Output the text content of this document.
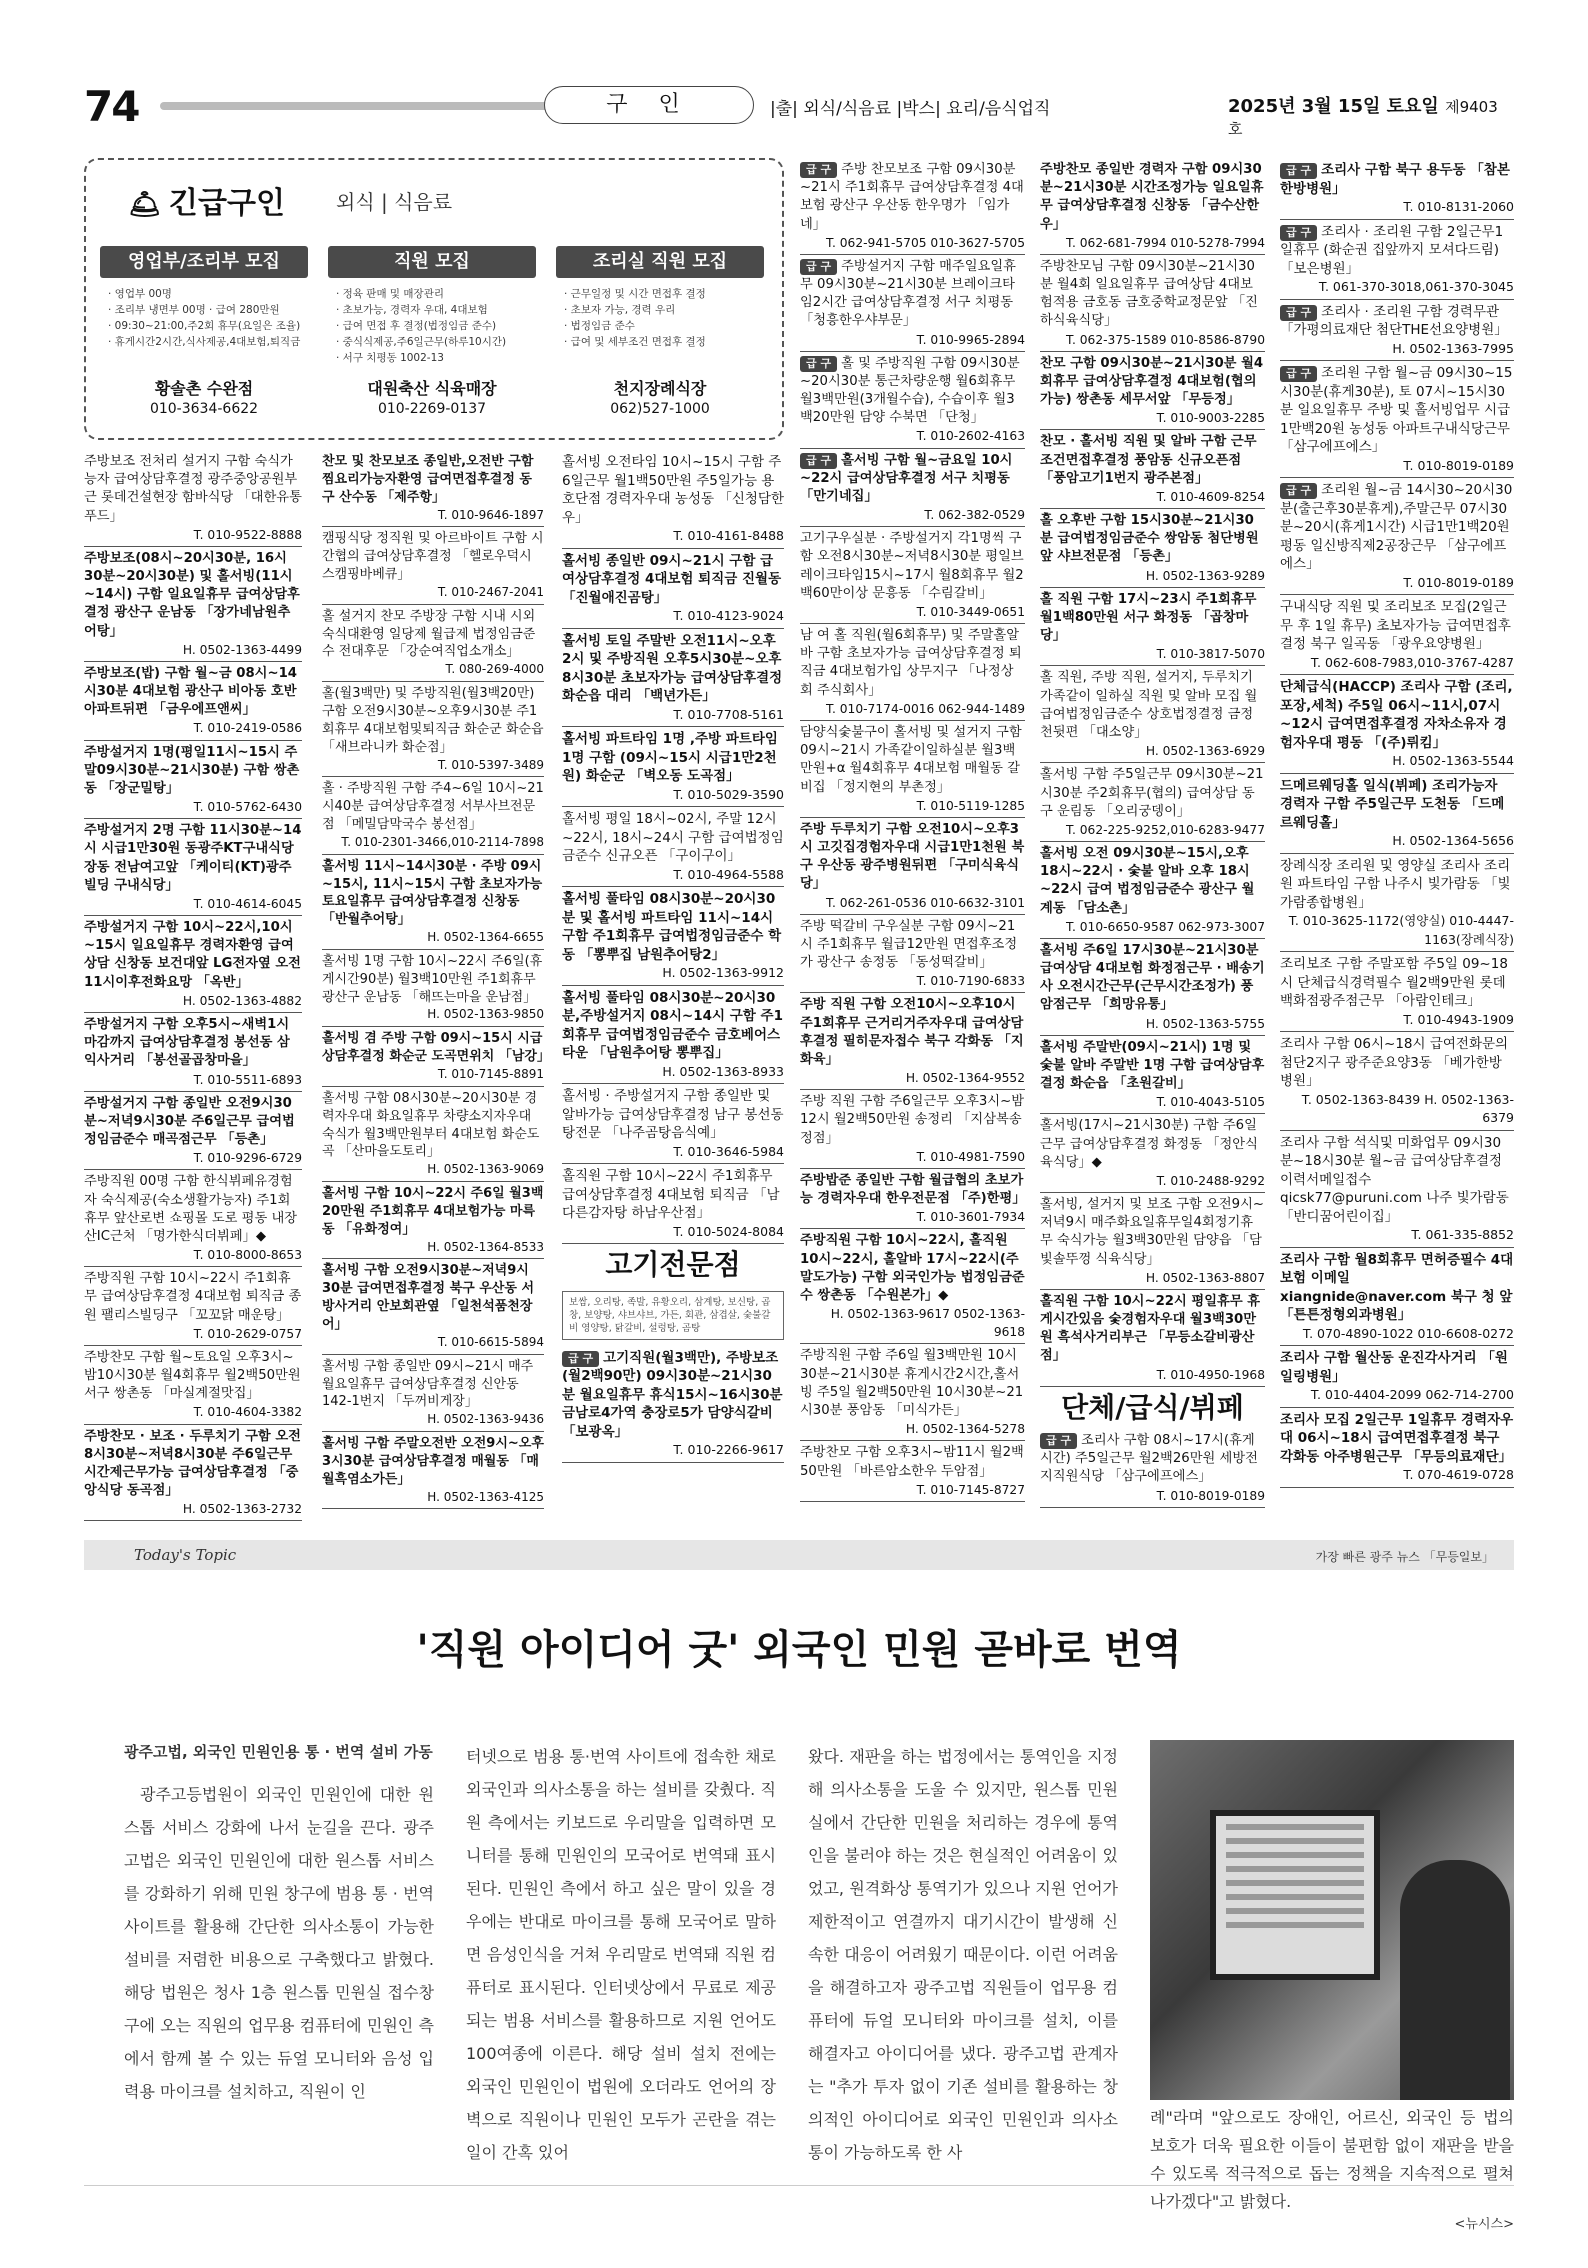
74	구 인	|출| 외식/식음료 |박스| 요리/음식업직	2025년 3월 15일 토요일 제9403호
🛎 긴급구인	외식 | 식음료
영업부/조리부 모집
· 영업부 00명
· 조리부 냉면부 00명 · 급여 280만원
· 09:30~21:00,주2회 휴무(요일은 조율)
· 휴게시간2시간,식사제공,4대보험,퇴직금
황솔촌 수완점
010-3634-6622
직원 모집
· 정육 판매 및 매장관리
· 초보가능, 경력자 우대, 4대보험
· 급여 면접 후 결정(법정임금 준수)
· 중식식제공,주6일근무(하루10시간)
· 서구 치평동 1002-13
대원축산 식육매장
010-2269-0137
조리실 직원 모집
· 근무일정 및 시간 면접후 결정
· 초보자 가능, 경력 우리
· 법정임금 준수
· 급여 및 세부조건 면접후 결정
천지장례식장
062)527-1000
주방보조 전처리 설거지 구함 숙식가능자 급여상담후결정 광주중앙공원부근 롯데건설현장 함바식당 「대한유통푸드」
T. 010-9522-8888
주방보조(08시~20시30분, 16시30분~20시30분) 및 홀서빙(11시~14시) 구함 일요일휴무 급여상담후결정 광산구 운남동 「장가네남원추어탕」
H. 0502-1363-4499
주방보조(밥) 구함 월~금 08시~14시30분 4대보험 광산구 비아동 호반아파트뒤편 「금우에프앤씨」
T. 010-2419-0586
주방설거지 1명(평일11시~15시 주말09시30분~21시30분) 구함 쌍촌동 「장군밀탕」
T. 010-5762-6430
주방설거지 2명 구함 11시30분~14시 시급1만30원 동광주KT구내식당 장동 전남여고앞 「케이티(KT)광주빌딩 구내식당」
T. 010-4614-6045
주방설거지 구함 10시~22시,10시~15시 일요일휴무 경력자환영 급여상담 신창동 보건대앞 LG전자옆 오전11시이후전화요망 「옥반」
H. 0502-1363-4882
주방설거지 구함 오후5시~새벽1시 마감까지 급여상담후결정 봉선동 삼익사거리 「봉선골곱창마을」
T. 010-5511-6893
주방설거지 구함 종일반 오전9시30분~저녁9시30분 주6일근무 급여법정임금준수 매곡점근무 「등촌」
T. 010-9296-6729
주방직원 00명 구함 한식뷔페유경험자 숙식제공(숙소생활가능자) 주1회휴무 앞산로변 쇼핑몰 도로 평동 내장산IC근처 「명가한식더뷔페」◆
T. 010-8000-8653
주방직원 구함 10시~22시 주1회휴무 급여상담후결정 4대보험 퇴직금 종원 팰리스빌딩구 「꼬꼬닭 매운탕」
T. 010-2629-0757
주방찬모 구함 월~토요일 오후3시~밤10시30분 월4회휴무 월2백50만원 서구 쌍촌동 「마실계절맛집」
T. 010-4604-3382
주방찬모 · 보조 · 두루치기 구함 오전8시30분~저녁8시30분 주6일근무 시간제근무가능 급여상담후결정 「중앙식당 동곡점」
H. 0502-1363-2732
찬모 및 찬모보조 종일반,오전반 구함 찜요리가능자환영 급여면접후결정 동구 산수동 「제주항」
T. 010-9646-1897
캠핑식당 정직원 및 아르바이트 구함 시간협의 급여상담후결정 「헬로우덕시스캠핑바베큐」
T. 010-2467-2041
홀 설거지 찬모 주방장 구함 시내 시외숙식대환영 일당제 월급제 법정임금준수 전대후문 「강순여직업소개소」
T. 080-269-4000
홀(월3백만) 및 주방직원(월3백20만) 구함 오전9시30분~오후9시30분 주1회휴무 4대보험및퇴직금 화순군 화순읍 「새브라니카 화순점」
T. 010-5397-3489
홀 · 주방직원 구함 주4~6일 10시~21시40분 급여상담후결정 서부사브전문점 「메밀담막국수 봉선점」
T. 010-2301-3466,010-2114-7898
홀서빙 11시~14시30분 · 주방 09시~15시, 11시~15시 구함 초보자가능 토요일휴무 급여상담후결정 신창동 「반월추어탕」
H. 0502-1364-6655
홀서빙 1명 구함 10시~22시 주6일(휴게시간90분) 월3백10만원 주1회휴무 광산구 운남동 「해뜨는마을 운남점」
H. 0502-1363-9850
홀서빙 겸 주방 구함 09시~15시 시급상담후결정 화순군 도곡면위치 「남강」
T. 010-7145-8891
홀서빙 구함 08시30분~20시30분 경력자우대 화요일휴무 차량소지자우대 숙식가 월3백만원부터 4대보험 화순도곡 「산마을도토리」
H. 0502-1363-9069
홀서빙 구함 10시~22시 주6일 월3백20만원 주1회휴무 4대보험가능 마륵동 「유화정여」
H. 0502-1364-8533
홀서빙 구함 오전9시30분~저녁9시30분 급여면접후결정 북구 우산동 서방사거리 안보회관옆 「일천석품천장어」
T. 010-6615-5894
홀서빙 구함 종일반 09시~21시 매주 월요일휴무 급여상담후결정 신안동 142-1번지 「두꺼비게장」
H. 0502-1363-9436
홀서빙 구함 주말오전반 오전9시~오후3시30분 급여상담후결정 매월동 「매월흑염소가든」
H. 0502-1363-4125
홀서빙 오전타임 10시~15시 구함 주6일근무 월1백50만원 주5일가능 용호단점 경력자우대 농성동 「신청담한우」
T. 010-4161-8488
홀서빙 종일반 09시~21시 구함 급여상담후결정 4대보험 퇴직금 진월동 「진월애진곰탕」
T. 010-4123-9024
홀서빙 토일 주말반 오전11시~오후2시 및 주방직원 오후5시30분~오후8시30분 초보자가능 급여상담후결정 화순읍 대리 「백년가든」
T. 010-7708-5161
홀서빙 파트타임 1명 ,주방 파트타임 1명 구함 (09시~15시 시급1만2천원) 화순군 「벽오동 도곡점」
T. 010-5029-3590
홀서빙 평일 18시~02시, 주말 12시~22시, 18시~24시 구함 급여법정임금준수 신규오픈 「구이구이」
T. 010-4964-5588
홀서빙 풀타임 08시30분~20시30분 및 홀서빙 파트타임 11시~14시 구함 주1회휴무 급여법정임금준수 학동 「뽕뿌집 남원추어탕2」
H. 0502-1363-9912
홀서빙 풀타임 08시30분~20시30분,주방설거지 08시~14시 구함 주1회휴무 급여법정임금준수 금호베어스타운 「남원추어탕 뽕뿌집」
H. 0502-1363-8933
홀서빙 · 주방설거지 구함 종일반 및 알바가능 급여상담후결정 남구 봉선동 탕전문 「나주곰탕음식예」
T. 010-3646-5984
홀직원 구함 10시~22시 주1회휴무 급여상담후결정 4대보험 퇴직금 「남다른감자탕 하남우산점」
T. 010-5024-8084
고기전문점
보쌈, 오리탕, 족발, 유황오리, 삼계탕, 보신탕, 곱창, 보양탕, 샤브샤브, 가든, 회관, 삼겹살, 숯불갈비 영양탕, 닭갈비, 설렁탕, 곰탕
급 구 고기직원(월3백만), 주방보조(월2백90만) 09시30분~21시30분 월요일휴무 휴식15시~16시30분 금남로4가역 충장로5가 담양식갈비 「보광옥」
T. 010-2266-9617
급 구 주방 찬모보조 구함 09시30분~21시 주1회휴무 급여상담후결정 4대보험 광산구 우산동 한우명가 「임가네」
T. 062-941-5705 010-3627-5705
급 구 주방설거지 구함 매주일요일휴무 09시30분~21시30분 브레이크타임2시간 급여상담후결정 서구 치평동 「청흥한우샤부문」
T. 010-9965-2894
급 구 홀 및 주방직원 구함 09시30분~20시30분 통근차량운행 월6회휴무 월3백만원(3개월수습), 수습이후 월3백20만원 담양 수북면 「단청」
T. 010-2602-4163
급 구 홀서빙 구함 월~금요일 10시~22시 급여상담후결정 서구 치평동 「만기네집」
T. 062-382-0529
고기구우실분 · 주방설거지 각1명씩 구함 오전8시30분~저녁8시30분 평일브레이크타임15시~17시 월8회휴무 월2백60만이상 문흥동 「수림갈비」
T. 010-3449-0651
남 여 홀 직원(월6회휴무) 및 주말홀알바 구함 초보자가능 급여상담후결정 퇴직금 4대보험가입 상무지구 「나정상회 주식회사」
T. 010-7174-0016 062-944-1489
담양식숯불구이 홀서빙 및 설거지 구함 09시~21시 가족같이일하실분 월3백만원+α 월4회휴무 4대보험 매월동 갈비집 「정지현의 부촌정」
T. 010-5119-1285
주방 두루치기 구함 오전10시~오후3시 고깃집경험자우대 시급1만1천원 북구 우산동 광주병원뒤편 「구미식육식당」
T. 062-261-0536 010-6632-3101
주방 떡갈비 구우실분 구함 09시~21시 주1회휴무 월급12만원 면접후조정가 광산구 송정동 「동성떡갈비」
T. 010-7190-6833
주방 직원 구함 오전10시~오후10시 주1회휴무 근거리거주자우대 급여상담후결정 필히문자접수 북구 각화동 「지화육」
H. 0502-1364-9552
주방 직원 구함 주6일근무 오후3시~밤12시 월2백50만원 송정리 「지삼복송정점」
T. 010-4981-7590
주방밥준 종일반 구함 월급협의 초보가능 경력자우대 한우전문점 「주)한평」
T. 010-3601-7934
주방직원 구함 10시~22시, 홀직원 10시~22시, 홀알바 17시~22시(주말도가능) 구함 외국인가능 법정임금준수 쌍촌동 「수원본가」◆
H. 0502-1363-9617 0502-1363-9618
주방직원 구함 주6일 월3백만원 10시30분~21시30분 휴게시간2시간,홀서빙 주5일 월2백50만원 10시30분~21시30분 풍암동 「미식가든」
H. 0502-1364-5278
주방찬모 구함 오후3시~밤11시 월2백50만원 「바른암소한우 두암점」
T. 010-7145-8727
주방찬모 종일반 경력자 구함 09시30분~21시30분 시간조정가능 일요일휴무 급여상담후결정 신창동 「금수산한우」
T. 062-681-7994 010-5278-7994
주방찬모님 구함 09시30분~21시30분 월4회 일요일휴무 급여상담 4대보험적용 금호동 금호중학교정문앞 「진하식육식당」
T. 062-375-1589 010-8586-8790
찬모 구함 09시30분~21시30분 월4회휴무 급여상담후결정 4대보험(협의가능) 쌍촌동 세무서앞 「무등정」
T. 010-9003-2285
찬모 · 홀서빙 직원 및 알바 구함 근무조건면접후결정 풍암동 신규오픈점 「풍암고기1번지 광주본점」
T. 010-4609-8254
홀 오후반 구함 15시30분~21시30분 급여법정임금준수 쌍암동 첨단병원앞 샤브전문점 「등촌」
H. 0502-1363-9289
홀 직원 구함 17시~23시 주1회휴무 월1백80만원 서구 화정동 「곱창마당」
T. 010-3817-5070
홀 직원, 주방 직원, 설거지, 두루치기 가족같이 일하실 직원 및 알바 모집 월급여법정임금준수 상호법정결정 금정천뒷편 「대소양」
H. 0502-1363-6929
홀서빙 구함 주5일근무 09시30분~21시30분 주2회휴무(협의) 급여상담 동구 운림동 「오리궁뎅이」
T. 062-225-9252,010-6283-9477
홀서빙 오전 09시30분~15시,오후18시~22시 · 숯불 알바 오후 18시~22시 급여 법정임금준수 광산구 월계동 「담소촌」
T. 010-6650-9587 062-973-3007
홀서빙 주6일 17시30분~21시30분 급여상담 4대보험 화정점근무 · 배송기사 오전시간근무(근무시간조정가) 풍암점근무 「희망유통」
H. 0502-1363-5755
홀서빙 주말반(09시~21시) 1명 및 숯불 알바 주말반 1명 구함 급여상담후결정 화순읍 「초원갈비」
T. 010-4043-5105
홀서빙(17시~21시30분) 구함 주6일근무 급여상담후결정 화정동 「정안식육식당」◆
T. 010-2488-9292
홀서빙, 설거지 및 보조 구함 오전9시~저녁9시 매주화요일휴무일4회정기휴무 숙식가능 월3백30만원 담양읍 「담빛솔뚜껑 식육식당」
H. 0502-1363-8807
홀직원 구함 10시~22시 평일휴무 휴게시간있음 숯경험자우대 월3백30만원 흑석사거리부근 「무등소갈비광산점」
T. 010-4950-1968
단체/급식/뷔페
급 구 조리사 구함 08시~17시(휴게시간) 주5일근무 월2백26만원 세방전지직원식당 「삼구에프에스」
T. 010-8019-0189
급 구 조리사 구함 북구 용두동 「참본한방병원」
T. 010-8131-2060
급 구 조리사 · 조리원 구함 2일근무1일휴무 (화순권 집앞까지 모셔다드림) 「보은병원」
T. 061-370-3018,061-370-3045
급 구 조리사 · 조리원 구함 경력무관 「가평의료재단 첨단THE선요양병원」
H. 0502-1363-7995
급 구 조리원 구함 월~금 09시30~15시30분(휴게30분), 토 07시~15시30분 일요일휴무 주방 및 홀서빙업무 시급1만백20원 농성동 아파트구내식당근무 「삼구에프에스」
T. 010-8019-0189
급 구 조리원 월~금 14시30~20시30분(출근후30분휴게),주말근무 07시30분~20시(휴게1시간) 시급1만1백20원 평동 일신방직제2공장근무 「삼구에프에스」
T. 010-8019-0189
구내식당 직원 및 조리보조 모집(2일근무 후 1일 휴무) 초보자가능 급여면접후결정 북구 일곡동 「광우요양병원」
T. 062-608-7983,010-3767-4287
단체급식(HACCP) 조리사 구함 (조리,포장,세척) 주5일 06시~11시,07시~12시 급여면접후결정 자차소유자 경험자우대 평동 「(주)뤼킴」
H. 0502-1363-5544
드메르웨딩홀 일식(뷔페) 조리가능자 경력자 구함 주5일근무 도천동 「드메르웨딩홀」
H. 0502-1364-5656
장례식장 조리원 및 영양실 조리사 조리원 파트타임 구함 나주시 빛가람동 「빛가람종합병원」
T. 010-3625-1172(영양실) 010-4447-1163(장례식장)
조리보조 구함 주말포함 주5일 09~18시 단체급식경력필수 월2백9만원 롯데백화점광주점근무 「아람인테크」
T. 010-4943-1909
조리사 구함 06시~18시 급여전화문의 첨단2지구 광주준요양3동 「베가한방병원」
T. 0502-1363-8439 H. 0502-1363-6379
조리사 구함 석식및 미화업무 09시30분~18시30분 월~금 급여상담후결정 이력서메일접수 qicsk77@puruni.com 나주 빛가람동 「반디꿈어린이집」
T. 061-335-8852
조리사 구함 월8회휴무 면허증필수 4대보험 이메일 xiangnide@naver.com 북구 청 앞 「튼튼정형외과병원」
T. 070-4890-1022 010-6608-0272
조리사 구함 월산동 운진각사거리 「원일링병원」
T. 010-4404-2099 062-714-2700
조리사 모집 2일근무 1일휴무 경력자우대 06시~18시 급여면접후결정 북구 각화동 아주병원근무 「무등의료재단」
T. 070-4619-0728
Today's Topic	가장 빠른 광주 뉴스 「무등일보」
'직원 아이디어 굿' 외국인 민원 곧바로 번역
광주고법, 외국인 민원인용 통 · 번역 설비 가동

광주고등법원이 외국인 민원인에 대한 원스톱 서비스 강화에 나서 눈길을 끈다. 광주고법은 외국인 민원인에 대한 원스톱 서비스를 강화하기 위해 민원 창구에 범용 통 · 번역 사이트를 활용해 간단한 의사소통이 가능한 설비를 저렴한 비용으로 구축했다고 밝혔다. 해당 법원은 청사 1층 원스톱 민원실 접수창구에 오는 직원의 업무용 컴퓨터에 민원인 측에서 함께 볼 수 있는 듀얼 모니터와 음성 입력용 마이크를 설치하고, 직원이 인

터넷으로 범용 통·번역 사이트에 접속한 채로 외국인과 의사소통을 하는 설비를 갖췄다. 직원 측에서는 키보드로 우리말을 입력하면 모니터를 통해 민원인의 모국어로 번역돼 표시된다. 민원인 측에서 하고 싶은 말이 있을 경우에는 반대로 마이크를 통해 모국어로 말하면 음성인식을 거쳐 우리말로 번역돼 직원 컴퓨터로 표시된다. 인터넷상에서 무료로 제공되는 범용 서비스를 활용하므로 지원 언어도 100여종에 이른다. 해당 설비 설치 전에는 외국인 민원인이 법원에 오더라도 언어의 장벽으로 직원이나 민원인 모두가 곤란을 겪는 일이 간혹 있어

왔다. 재판을 하는 법정에서는 통역인을 지정해 의사소통을 도울 수 있지만, 원스톱 민원실에서 간단한 민원을 처리하는 경우에 통역인을 불러야 하는 것은 현실적인 어려움이 있었고, 원격화상 통역기가 있으나 지원 언어가 제한적이고 연결까지 대기시간이 발생해 신속한 대응이 어려웠기 때문이다. 이런 어려움을 해결하고자 광주고법 직원들이 업무용 컴퓨터에 듀얼 모니터와 마이크를 설치, 이를 해결자고 아이디어를 냈다. 광주고법 관계자는 "추가 투자 없이 기존 설비를 활용하는 창의적인 아이디어로 외국인 민원인과 의사소통이 가능하도록 한 사

례"라며 "앞으로도 장애인, 어르신, 외국인 등 법의 보호가 더욱 필요한 이들이 불편함 없이 재판을 받을 수 있도록 적극적으로 돕는 정책을 지속적으로 펼쳐 나가겠다"고 밝혔다.

<뉴시스>
